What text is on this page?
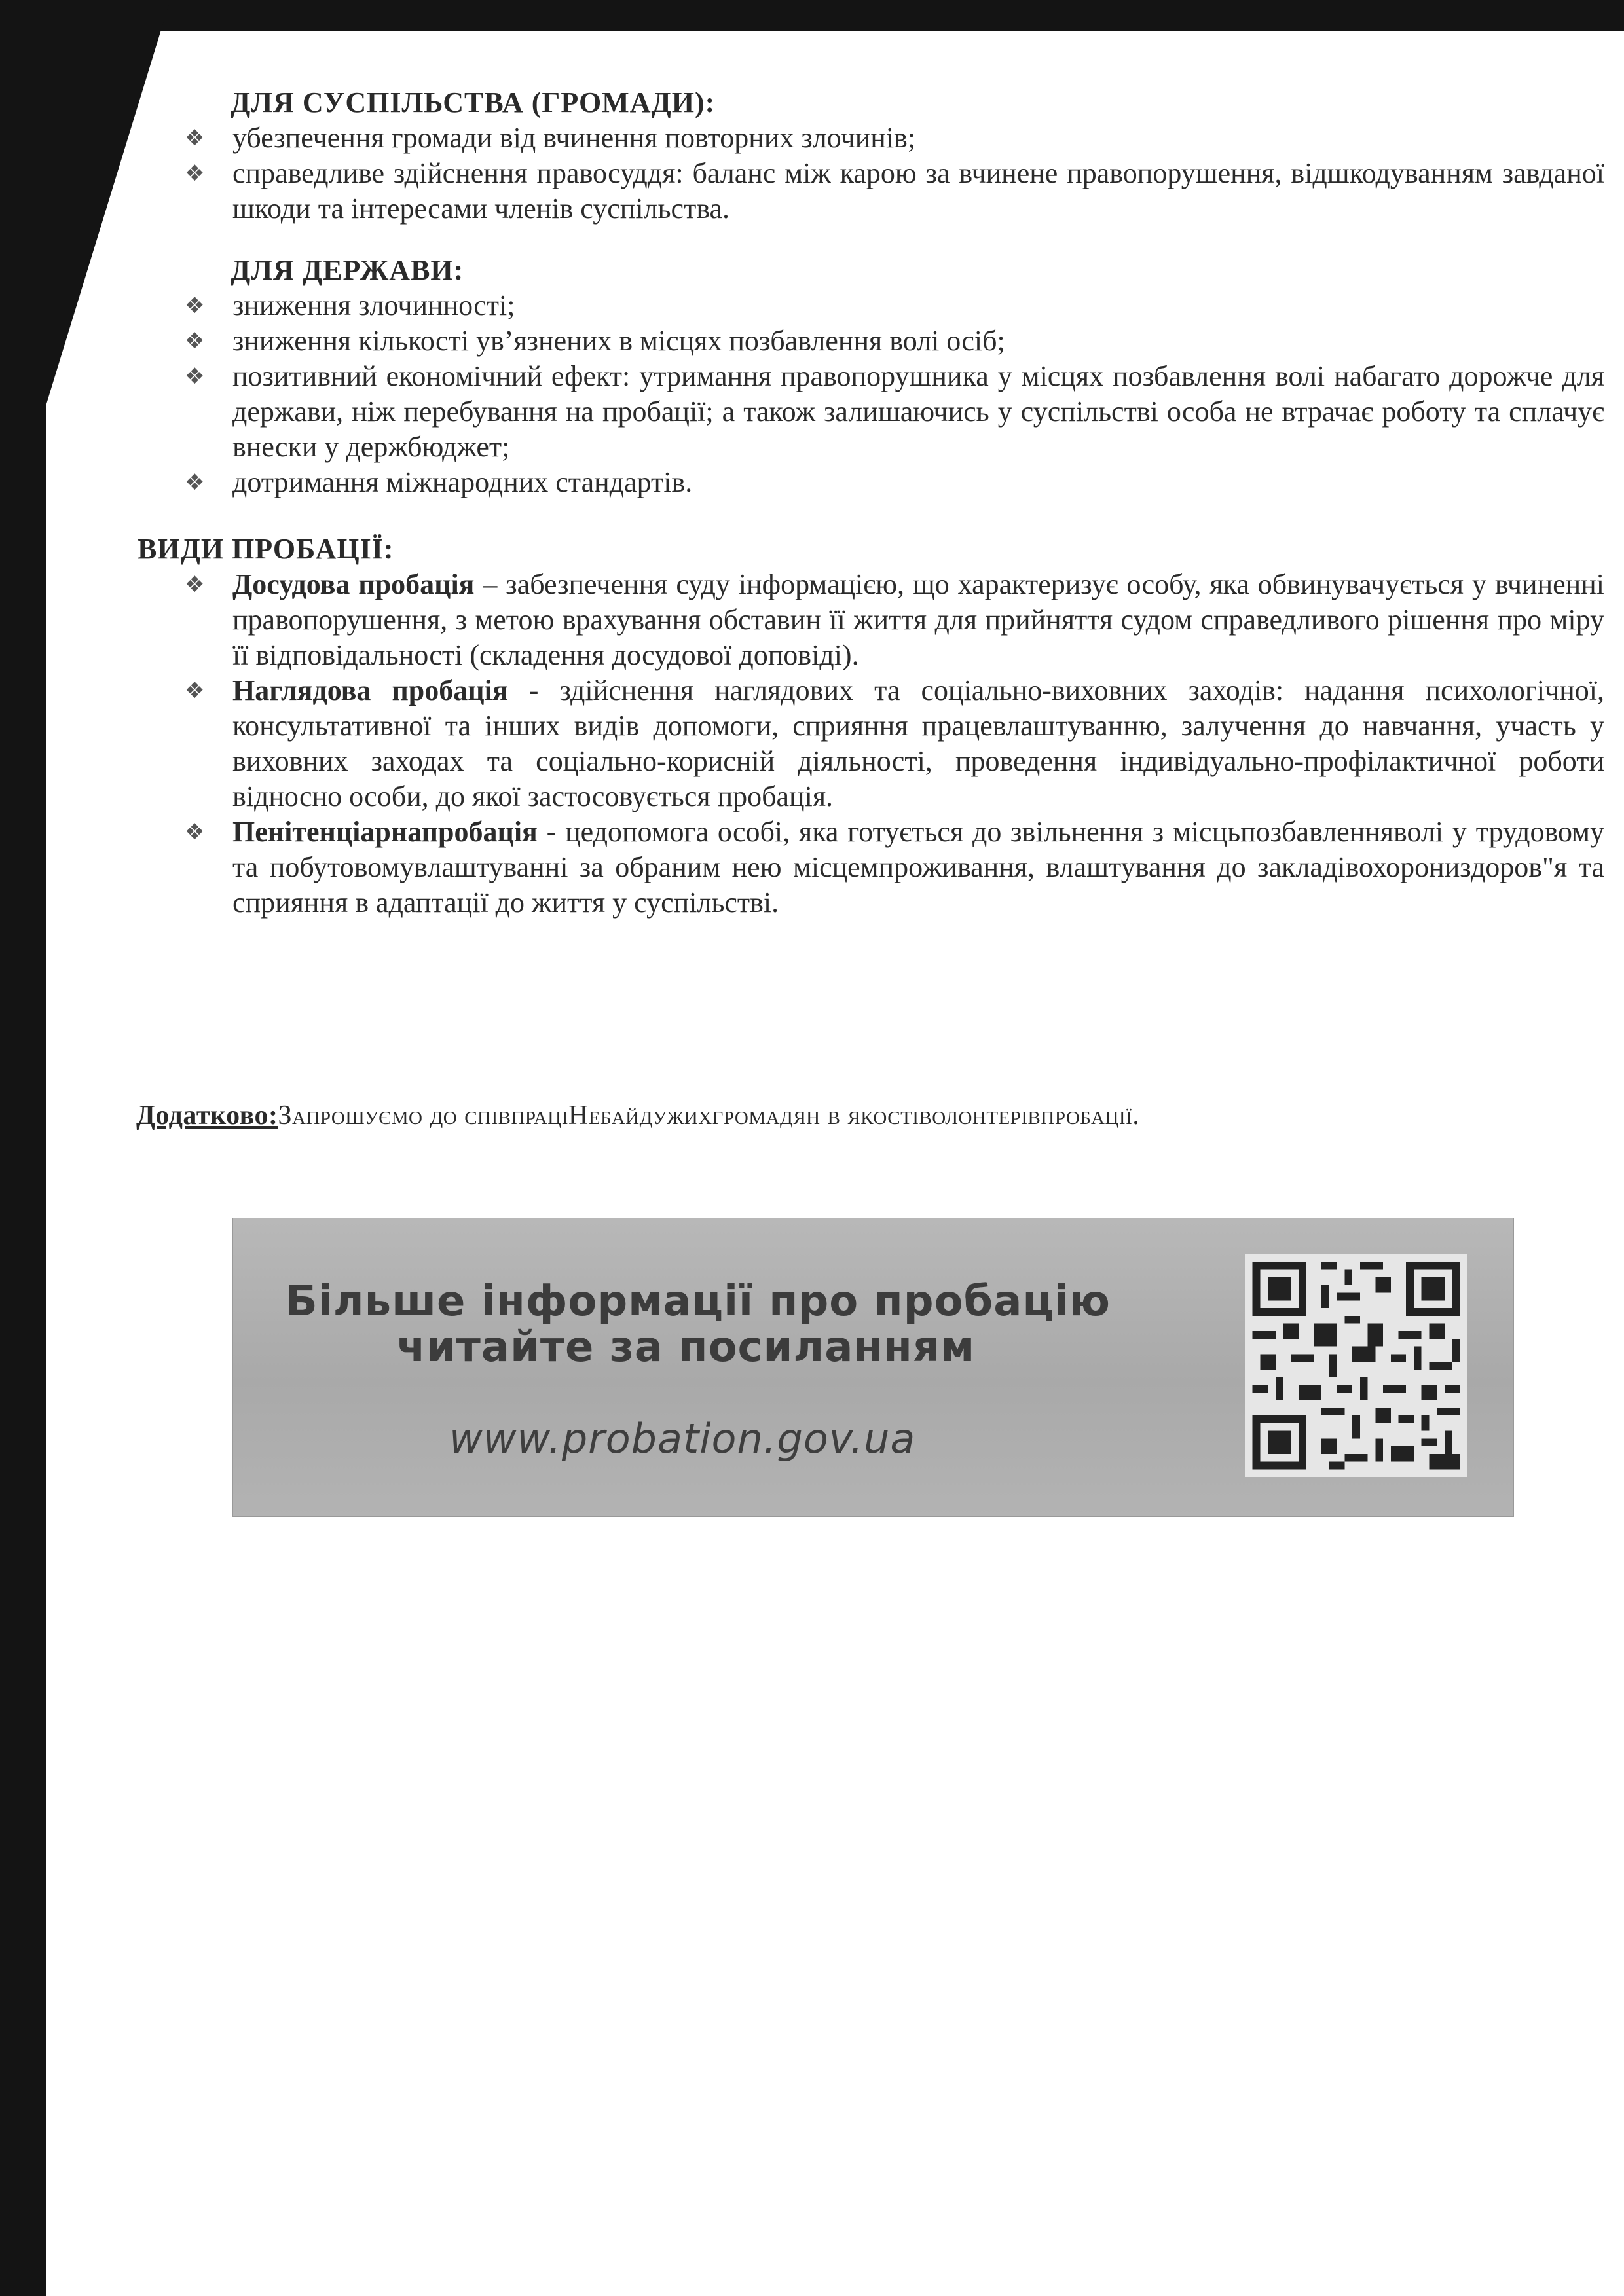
ДЛЯ СУСПІЛЬСТВА (ГРОМАДИ):
❖ убезпечення громади від вчинення повторних злочинів;
❖ справедливе здійснення правосуддя: баланс між карою за вчинене правопорушення, відшкодуванням завданої шкоди та інтересами членів суспільства.
ДЛЯ ДЕРЖАВИ:
❖ зниження злочинності;
❖ зниження кількості ув’язнених в місцях позбавлення волі осіб;
❖ позитивний економічний ефект: утримання правопорушника у місцях позбавлення волі набагато дорожче для держави, ніж перебування на пробації; а також залишаючись у суспільстві особа не втрачає роботу та сплачує внески у держбюджет;
❖ дотримання міжнародних стандартів.
ВИДИ ПРОБАЦІЇ:
❖ Досудова пробація – забезпечення суду інформацією, що характеризує особу, яка обвинувачується у вчиненні правопорушення, з метою врахування обставин її життя для прийняття судом справедливого рішення про міру її відповідальності (складення досудової доповіді).
❖ Наглядова пробація - здійснення наглядових та соціально-виховних заходів: надання психологічної, консультативної та інших видів допомоги, сприяння працевлаштуванню, залучення до навчання, участь у виховних заходах та соціально-корисній діяльності, проведення індивідуально-профілактичної роботи відносно особи, до якої застосовується пробація.
❖ Пенітенціарнапробація - цедопомога особі, яка готується до звільнення з місцьпозбавленняволі у трудовому та побутовомувлаштуванні за обраним нею місцемпроживання, влаштування до закладівохорониздоров"я та сприяння в адаптації до життя у суспільстві.
Додатково:Запрошуємо до співпраціНебайдужихгромадян в якостіволонтерівпробації.
Більше інформації про пробацію
читайте за посиланням
www.probation.gov.ua
